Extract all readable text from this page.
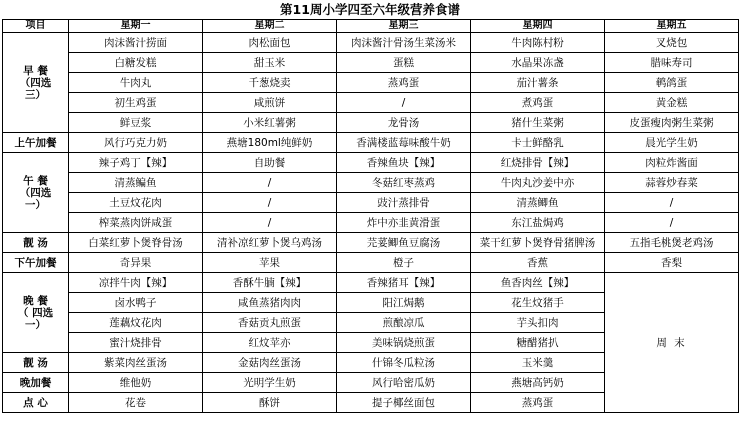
第11周小学四至六年级营养食谱
项目	星期一	星期二	星期三	星期四	星期五

早 餐
（四选
三）	肉沫酱汁捞面	肉松面包	肉沫酱汁骨汤生菜汤米	牛肉陈村粉	叉烧包
	白糖发糕	甜玉米	蛋糕	水晶果冻盏	腊味寿司
	牛肉丸	千葱烧卖	蒸鸡蛋	茄汁薯条	鹌鸽蛋
	初生鸡蛋	咸煎饼	/	煮鸡蛋	黄金糕
	鲜豆浆	小米红薯粥	龙骨汤	猪什生菜粥	皮蛋瘦肉粥生菜粥
上午加餐	风行巧克力奶	燕塘180ml纯鲜奶	香满楼蓝莓味酸牛奶	卡士鲜酪乳	晨光学生奶

午 餐
（四选
一）	辣子鸡丁【辣】	自助餐	香辣鱼块【辣】	红烧排骨【辣】	肉粒炸酱面
	清蒸鳊鱼	/	冬菇红枣蒸鸡	牛肉丸沙姜中亦	蒜蓉炒春菜
	土豆炆花肉	/	豉汁蒸排骨	清蒸鲫鱼	/
	榨菜蒸肉饼咸蛋	/	炸中亦韭黄滑蛋	东江盐焗鸡	/
靓 汤	白菜红萝卜煲脊骨汤	清补凉红萝卜煲乌鸡汤	芫荽鲫鱼豆腐汤	菜干红萝卜煲脊骨猪脾汤	五指毛桃煲老鸡汤
下午加餐	奇异果	苹果	橙子	香蕉	香梨

晚 餐
（ 四选
一）	凉拌牛肉【辣】	香酥牛腩【辣】	香辣猪耳【辣】	鱼香肉丝【辣】	周 末
	卤水鸭子	咸鱼蒸猪肉肉	阳江焗鹅	花生炆猪手	
	莲藕炆花肉	香菇贡丸煎蛋	煎酿凉瓜	芋头扣肉	
	蜜汁烧排骨	红炆苹亦	美味锅烧煎蛋	糖醋猪扒	
靓 汤	紫菜肉丝蛋汤	金菇肉丝蛋汤	什锦冬瓜粒汤	玉米羹	
晚加餐	维他奶	光明学生奶	风行哈密瓜奶	燕塘高钙奶	
点 心	花卷	酥饼	提子椰丝面包	蒸鸡蛋	
